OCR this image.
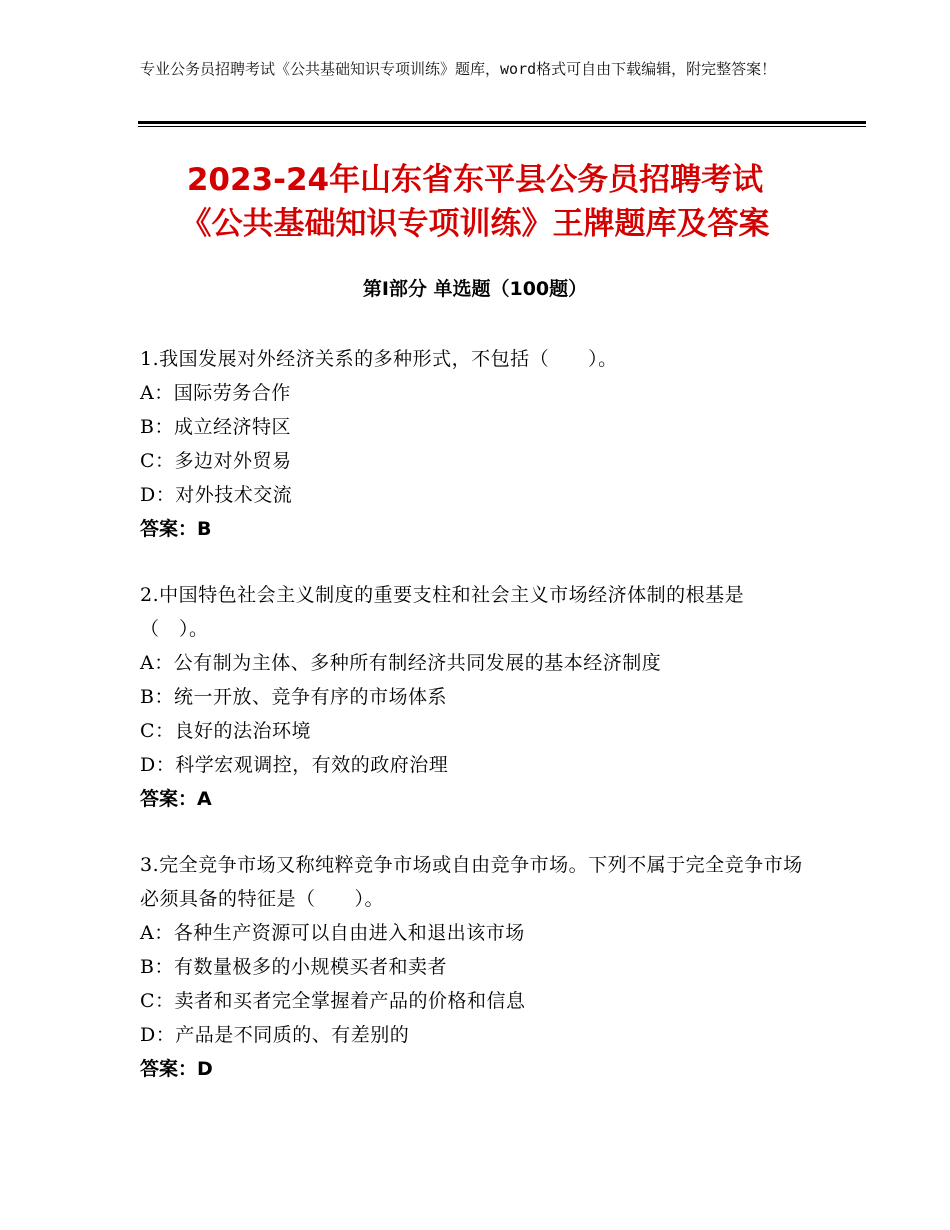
专业公务员招聘考试《公共基础知识专项训练》题库，word格式可自由下载编辑，附完整答案！
2023-24年山东省东平县公务员招聘考试
《公共基础知识专项训练》王牌题库及答案
第Ⅰ部分 单选题（100题）
1.我国发展对外经济关系的多种形式，不包括（　　）。
A：国际劳务合作
B：成立经济特区
C：多边对外贸易
D：对外技术交流
答案：B
2.中国特色社会主义制度的重要支柱和社会主义市场经济体制的根基是（　）。
A：公有制为主体、多种所有制经济共同发展的基本经济制度
B：统一开放、竞争有序的市场体系
C：良好的法治环境
D：科学宏观调控，有效的政府治理
答案：A
3.完全竞争市场又称纯粹竞争市场或自由竞争市场。下列不属于完全竞争市场必须具备的特征是（　　）。
A：各种生产资源可以自由进入和退出该市场
B：有数量极多的小规模买者和卖者
C：卖者和买者完全掌握着产品的价格和信息
D：产品是不同质的、有差别的
答案：D
